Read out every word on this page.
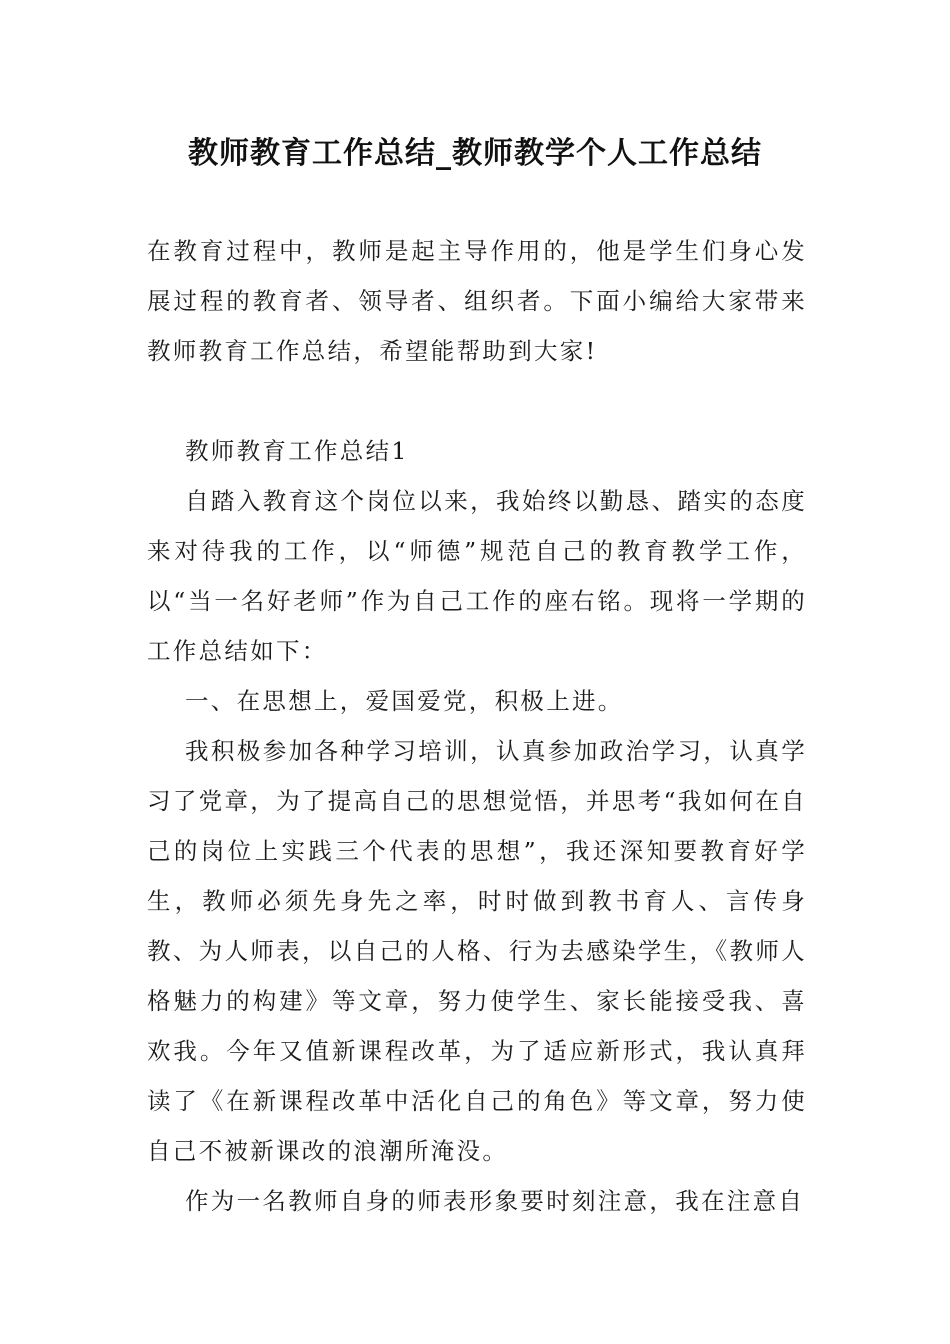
教师教育工作总结_教师教学个人工作总结

在教育过程中，教师是起主导作用的，他是学生们身心发展过程的教育者、领导者、组织者。下面小编给大家带来教师教育工作总结，希望能帮助到大家!

教师教育工作总结1

自踏入教育这个岗位以来，我始终以勤恳、踏实的态度来对待我的工作，以“师德”规范自己的教育教学工作，以“当一名好老师”作为自己工作的座右铭。现将一学期的工作总结如下：

一、在思想上，爱国爱党，积极上进。

我积极参加各种学习培训，认真参加政治学习，认真学习了党章，为了提高自己的思想觉悟，并思考“我如何在自己的岗位上实践三个代表的思想”，我还深知要教育好学生，教师必须先身先之率，时时做到教书育人、言传身教、为人师表，以自己的人格、行为去感染学生，《教师人格魅力的构建》等文章，努力使学生、家长能接受我、喜欢我。今年又值新课程改革，为了适应新形式，我认真拜读了《在新课程改革中活化自己的角色》等文章，努力使自己不被新课改的浪潮所淹没。

作为一名教师自身的师表形象要时刻注意，我在注意自
